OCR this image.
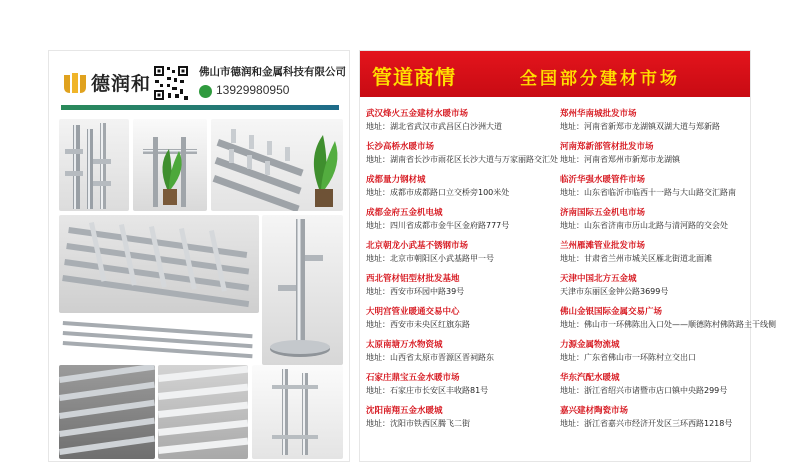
德润和
佛山市德润和金属科技有限公司
13929980950
管道商情	全国部分建材市场
武汉烽火五金建材水暖市场
地址：湖北省武汉市武昌区白沙洲大道
长沙高桥水暖市场
地址：湖南省长沙市雨花区长沙大道与万家丽路交汇处
成都量力钢材城
地址：成都市成都路口立交桥旁100米处
成都金府五金机电城
地址：四川省成都市金牛区金府路777号
北京朝龙小武基不锈钢市场
地址：北京市朝阳区小武基路甲一号
西北管材铝型材批发基地
地址：西安市环园中路39号
大明宫管业暖通交易中心
地址：西安市未央区红旗东路
太原南塘万水物资城
地址：山西省太原市晋源区晋祠路东
石家庄鼎宝五金水暖市场
地址：石家庄市长安区丰收路81号
沈阳南翔五金水暖城
地址：沈阳市铁西区腾飞二街
郑州华南城批发市场
地址：河南省新郑市龙湖镇双湖大道与郑新路
河南郑新部管材批发市场
地址：河南省郑州市新郑市龙湖镇
临沂华强水暖管件市场
地址：山东省临沂市临西十一路与大山路交汇路南
济南国际五金机电市场
地址：山东省济南市历山北路与清河路的交会处
兰州雁滩管业批发市场
地址：甘肃省兰州市城关区雁北街道北面滩
天津中国北方五金城
天津市东丽区金钟公路3699号
佛山金银国际金属交易广场
地址：佛山市一环佛陈出入口处——顺德陈村佛陈路主干线侧
力源金属物流城
地址：广东省佛山市一环陈村立交出口
华东汽配水暖城
地址：浙江省绍兴市诸暨市店口镇中央路299号
嘉兴建材陶瓷市场
地址：浙江省嘉兴市经济开发区三环西路1218号
